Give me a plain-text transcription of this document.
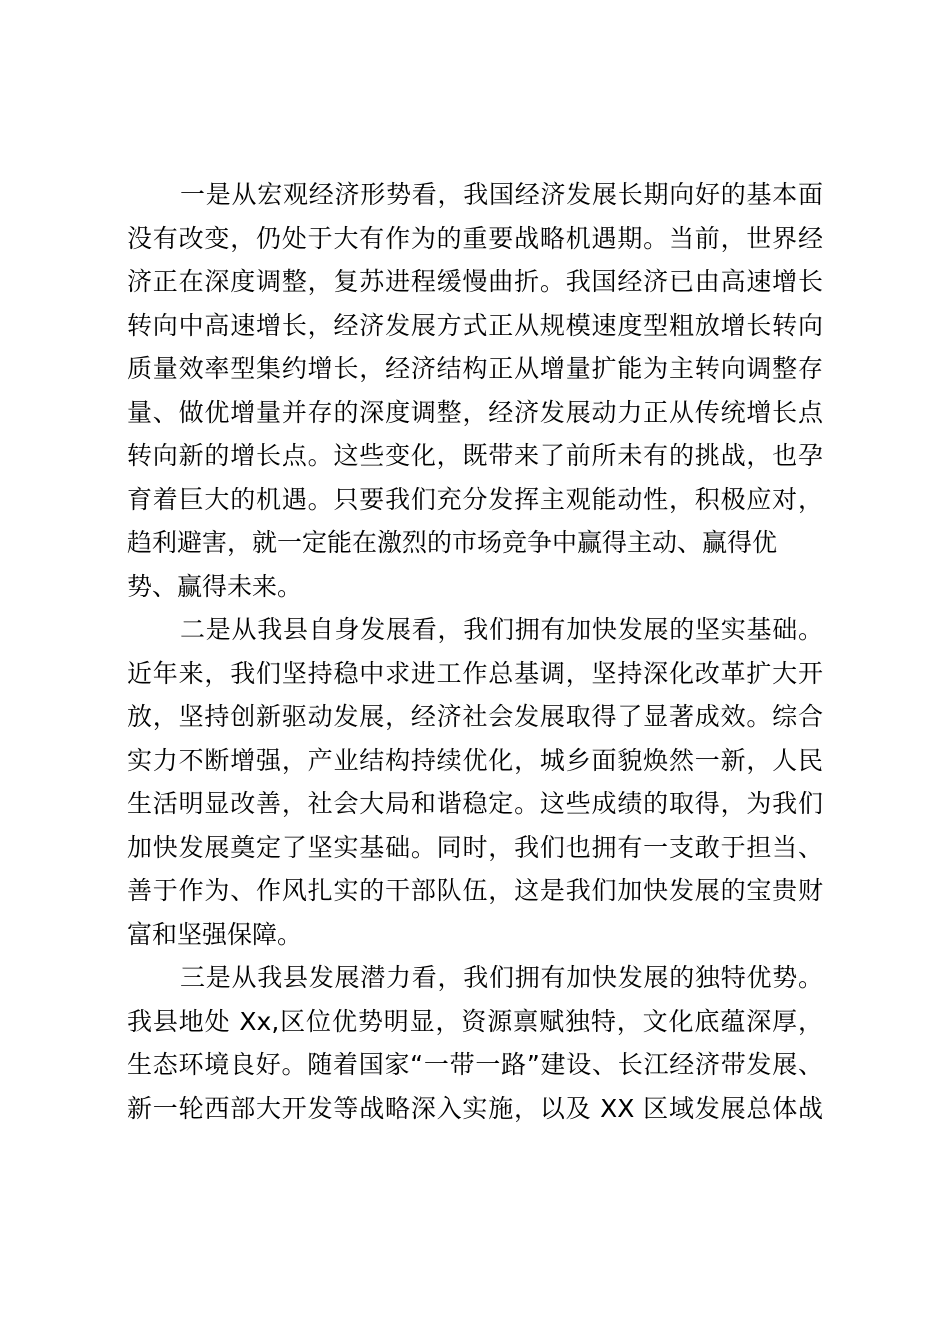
一是从宏观经济形势看，我国经济发展长期向好的基本面
没有改变，仍处于大有作为的重要战略机遇期。当前，世界经
济正在深度调整，复苏进程缓慢曲折。我国经济已由高速增长
转向中高速增长，经济发展方式正从规模速度型粗放增长转向
质量效率型集约增长，经济结构正从增量扩能为主转向调整存
量、做优增量并存的深度调整，经济发展动力正从传统增长点
转向新的增长点。这些变化，既带来了前所未有的挑战，也孕
育着巨大的机遇。只要我们充分发挥主观能动性，积极应对，
趋利避害，就一定能在激烈的市场竞争中赢得主动、赢得优
势、赢得未来。
二是从我县自身发展看，我们拥有加快发展的坚实基础。
近年来，我们坚持稳中求进工作总基调，坚持深化改革扩大开
放，坚持创新驱动发展，经济社会发展取得了显著成效。综合
实力不断增强，产业结构持续优化，城乡面貌焕然一新，人民
生活明显改善，社会大局和谐稳定。这些成绩的取得，为我们
加快发展奠定了坚实基础。同时，我们也拥有一支敢于担当、
善于作为、作风扎实的干部队伍，这是我们加快发展的宝贵财
富和坚强保障。
三是从我县发展潜力看，我们拥有加快发展的独特优势。
我县地处 Xx,区位优势明显，资源禀赋独特，文化底蕴深厚，
生态环境良好。随着国家“一带一路”建设、长江经济带发展、
新一轮西部大开发等战略深入实施，以及 XX 区域发展总体战
